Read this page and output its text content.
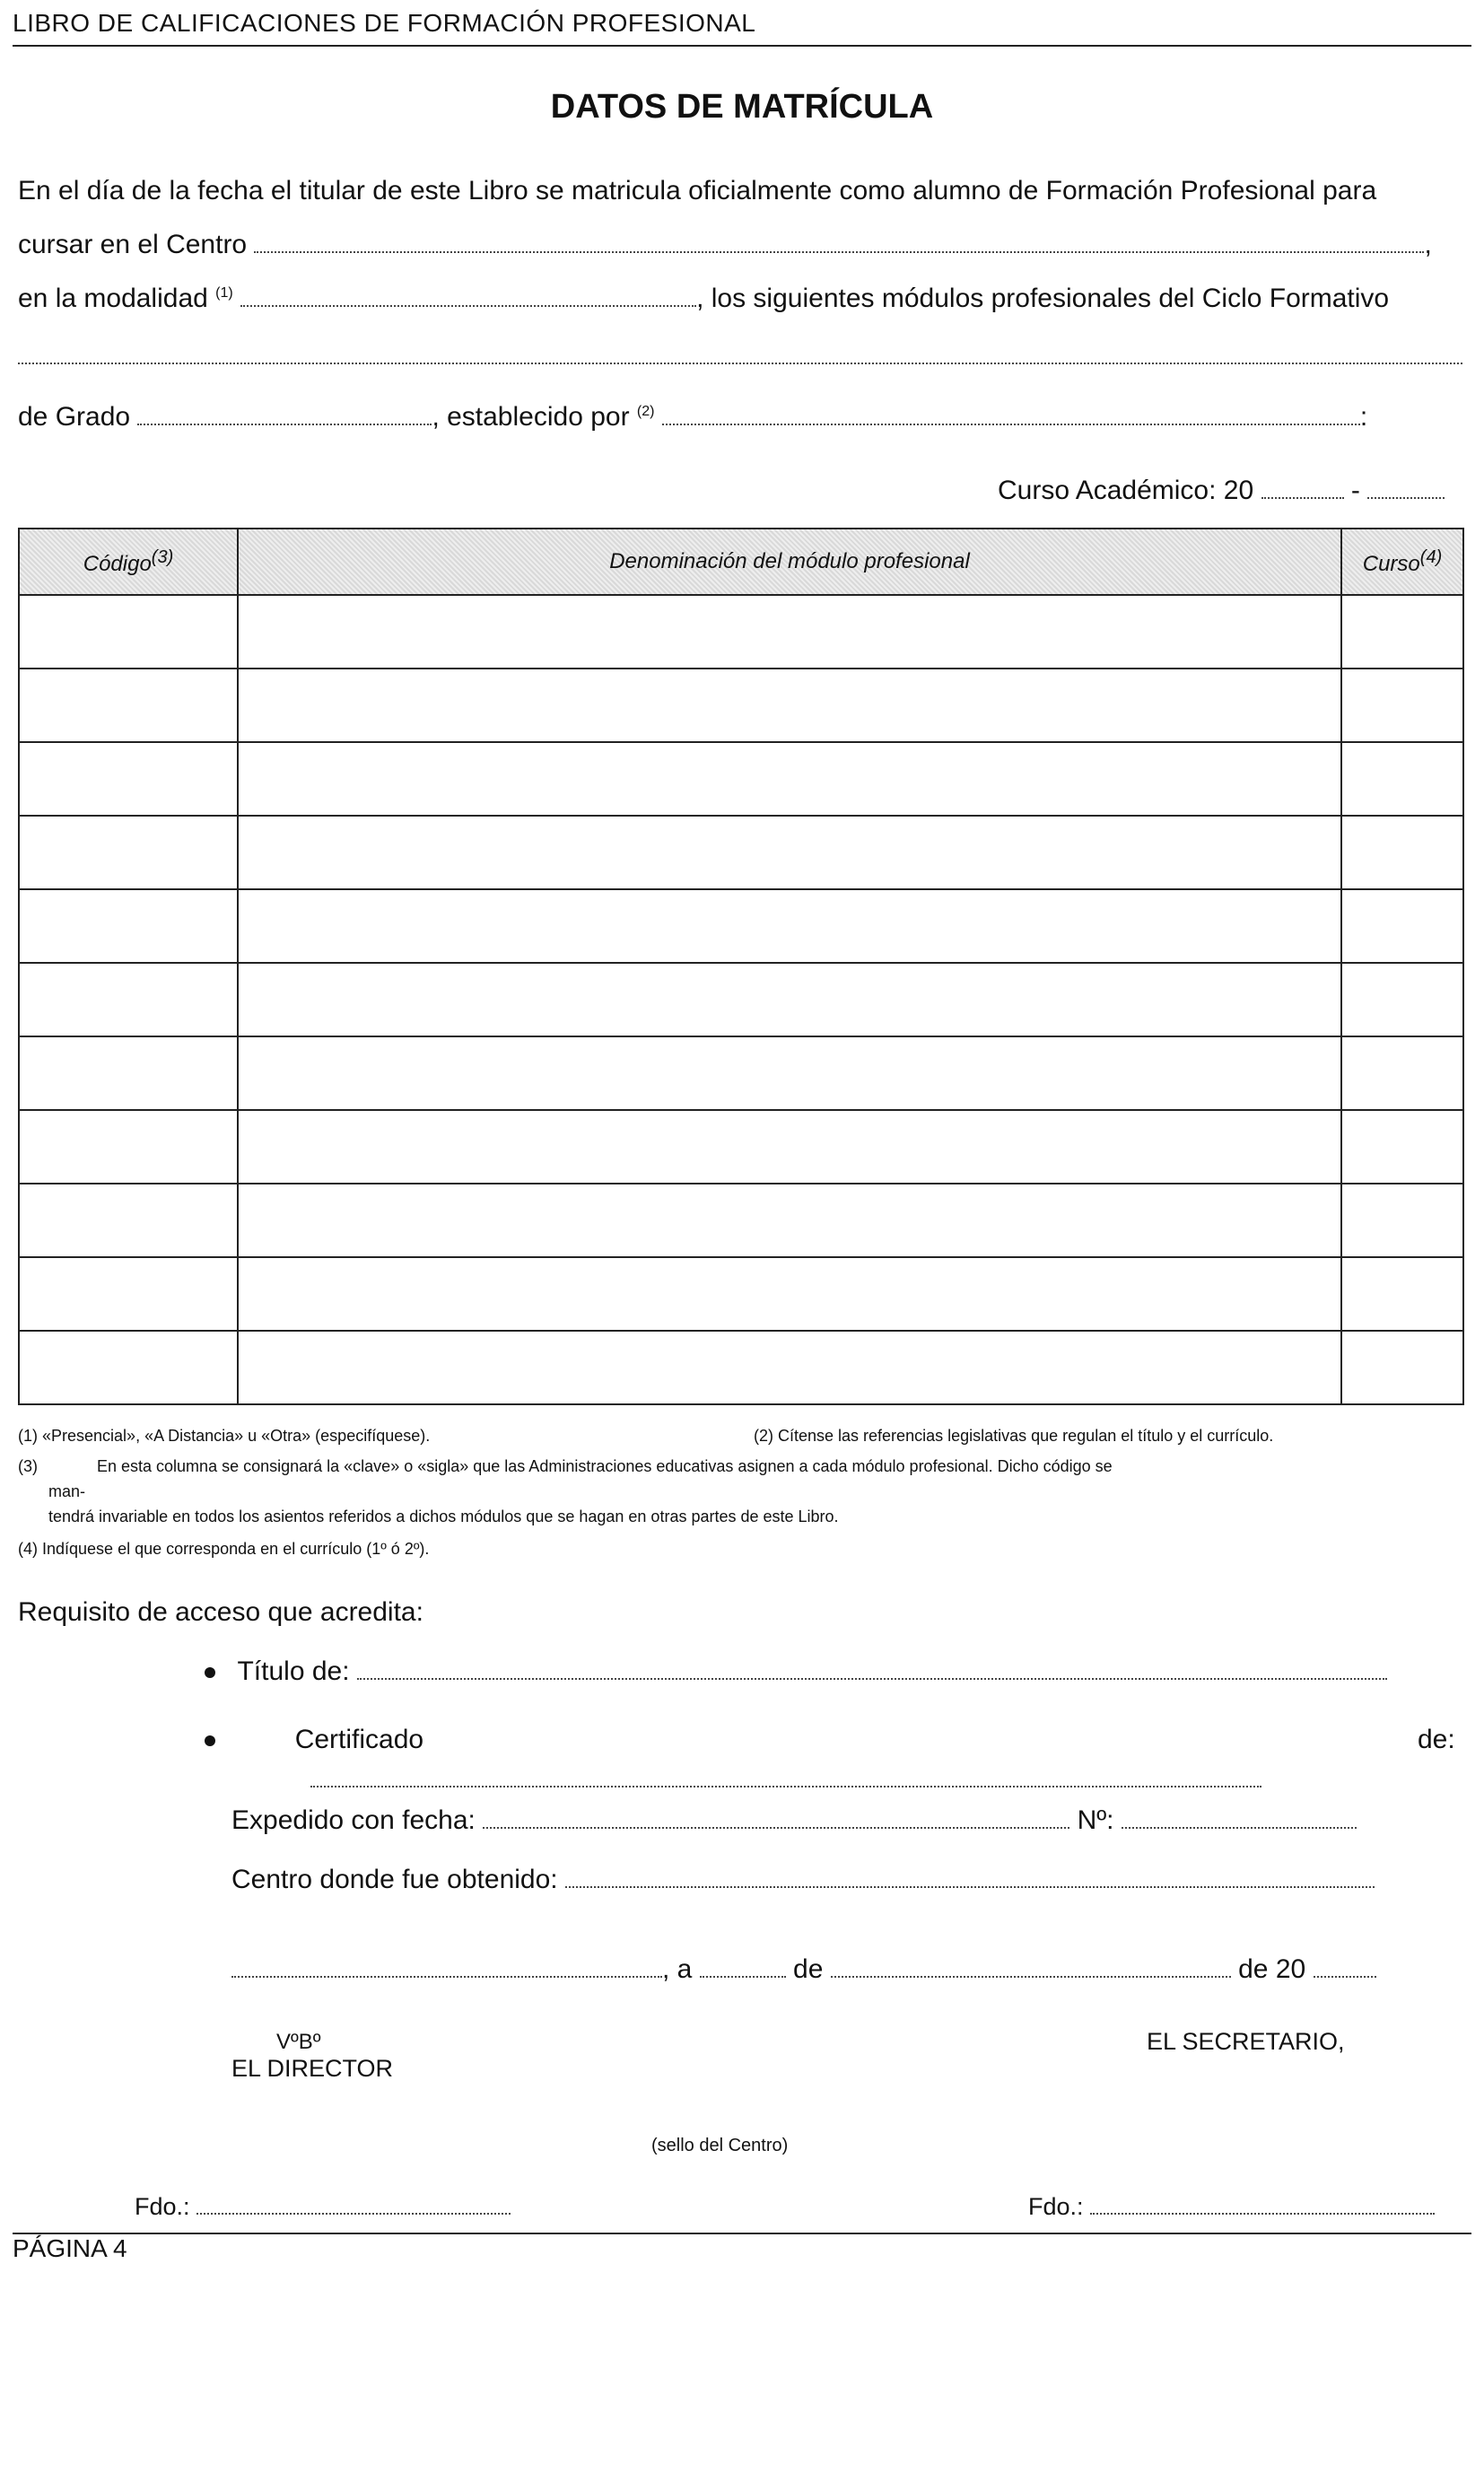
LIBRO DE CALIFICACIONES DE FORMACIÓN PROFESIONAL
DATOS DE MATRÍCULA
En el día de la fecha el titular de este Libro se matricula oficialmente como alumno de Formación Profesional para
cursar en el Centro	,
en la modalidad $^{(1)}$	, los siguientes módulos profesionales del Ciclo Formativo
de Grado	, establecido por $^{(2)}$	:
Curso Académico: 20	-
Código$^{(3)}$	Denominación del módulo profesional	Curso$^{(4)}$

(1) «Presencial», «A Distancia» u «Otra» (especifíquese).	(2) Cítense las referencias legislativas que regulan el título y el currículo.
(3)	En esta columna se consignará la «clave» o «sigla» que las Administraciones educativas asignen a cada módulo profesional. Dicho código se
man-
tendrá invariable en todos los asientos referidos a dichos módulos que se hagan en otras partes de este Libro.
(4) Indíquese el que corresponda en el currículo (1º ó 2º).
Requisito de acceso que acredita:
Título de:
Certificado	de:
Expedido con fecha:	Nº:
Centro donde fue obtenido:
, a	de	de 20
VºBº
EL DIRECTOR
EL SECRETARIO,
(sello del Centro)
Fdo.:	Fdo.:
PÁGINA 4
